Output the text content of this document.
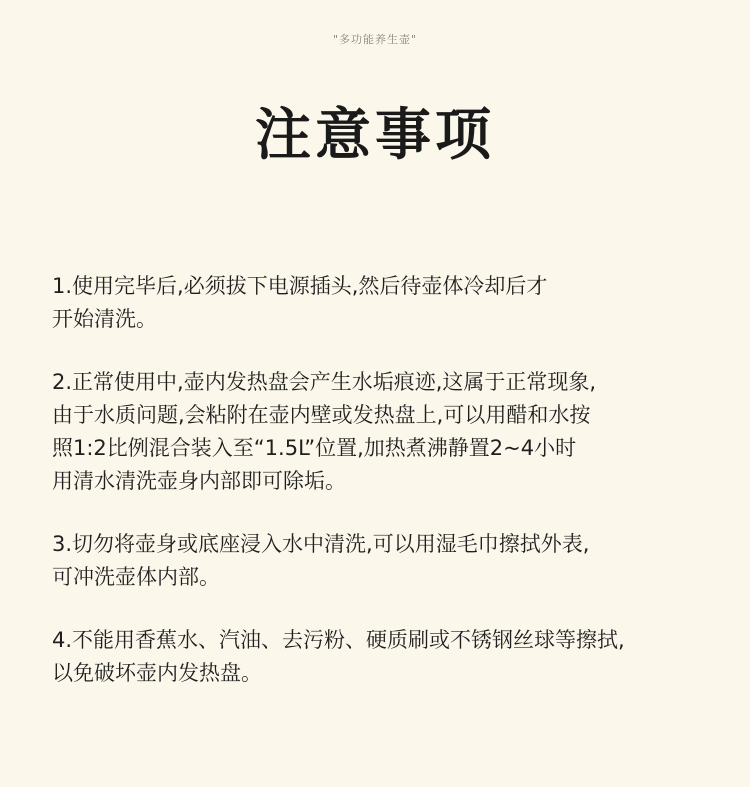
"多功能养生壶"
注意事项
1.使用完毕后,必须拔下电源插头,然后待壶体冷却后才
开始清洗。
2.正常使用中,壶内发热盘会产生水垢痕迹,这属于正常现象,
由于水质问题,会粘附在壶内壁或发热盘上,可以用醋和水按
照1:2比例混合装入至“1.5L”位置,加热煮沸静置2~4小时
用清水清洗壶身内部即可除垢。
3.切勿将壶身或底座浸入水中清洗,可以用湿毛巾擦拭外表,
可冲洗壶体内部。
4.不能用香蕉水、汽油、去污粉、硬质刷或不锈钢丝球等擦拭,
以免破坏壶内发热盘。
